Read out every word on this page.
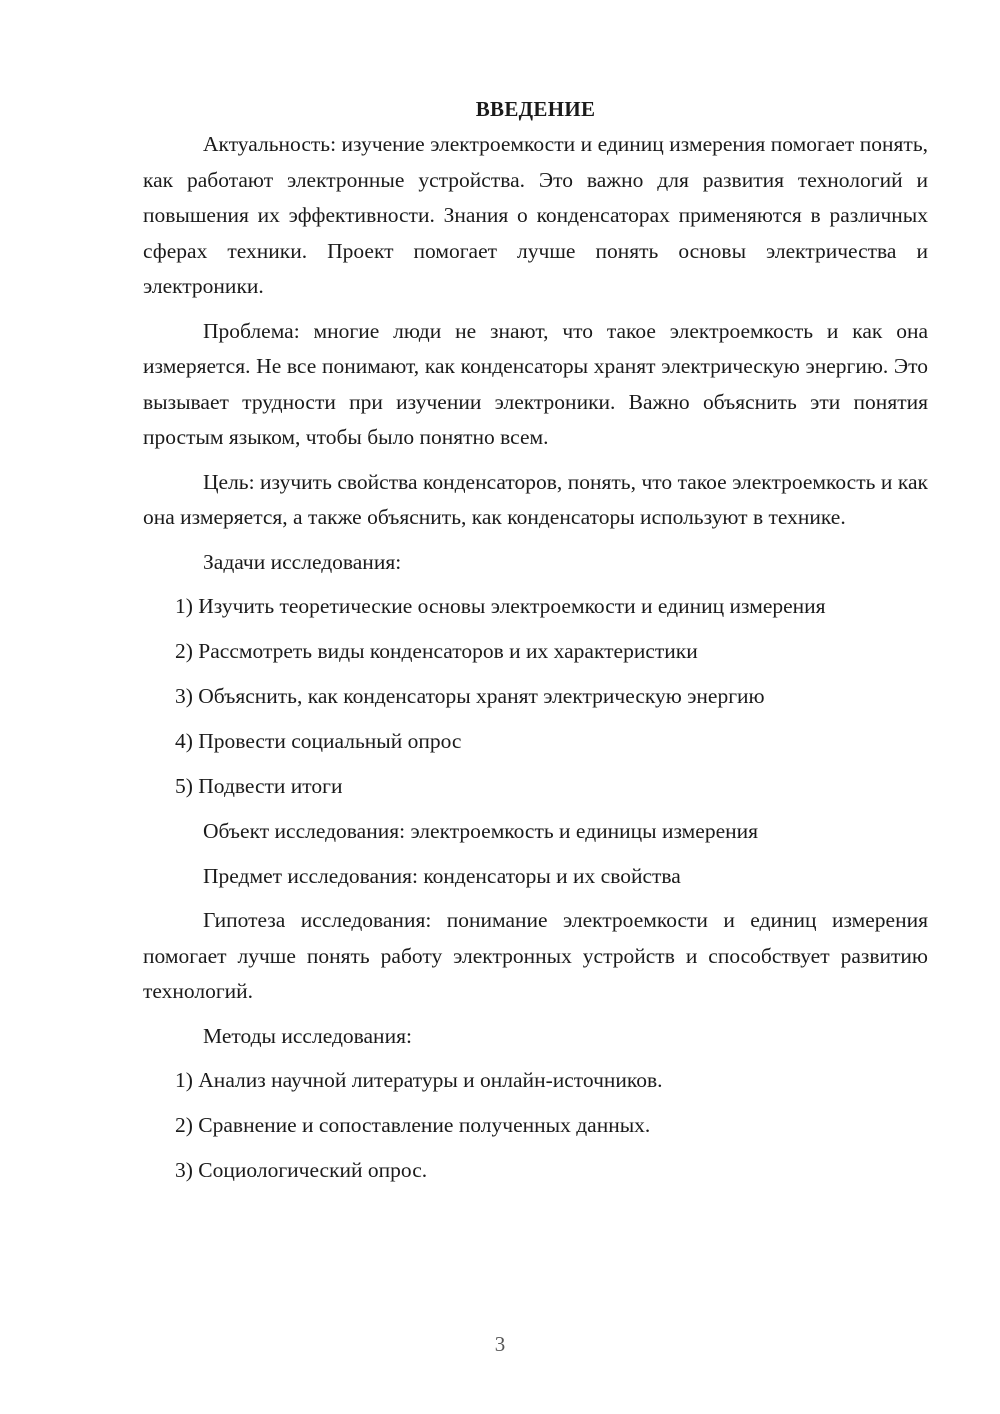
ВВЕДЕНИЕ

Актуальность: изучение электроемкости и единиц измерения помогает понять, как работают электронные устройства. Это важно для развития технологий и повышения их эффективности. Знания о конденсаторах применяются в различных сферах техники. Проект помогает лучше понять основы электричества и электроники.

Проблема: многие люди не знают, что такое электроемкость и как она измеряется. Не все понимают, как конденсаторы хранят электрическую энергию. Это вызывает трудности при изучении электроники. Важно объяснить эти понятия простым языком, чтобы было понятно всем.

Цель: изучить свойства конденсаторов, понять, что такое электроемкость и как она измеряется, а также объяснить, как конденсаторы используют в технике.

Задачи исследования:

1) Изучить теоретические основы электроемкости и единиц измерения

2) Рассмотреть виды конденсаторов и их характеристики

3) Объяснить, как конденсаторы хранят электрическую энергию

4) Провести социальный опрос

5) Подвести итоги

Объект исследования: электроемкость и единицы измерения

Предмет исследования: конденсаторы и их свойства

Гипотеза исследования: понимание электроемкости и единиц измерения помогает лучше понять работу электронных устройств и способствует развитию технологий.

Методы исследования:

1) Анализ научной литературы и онлайн-источников.

2) Сравнение и сопоставление полученных данных.

3) Социологический опрос.

3
